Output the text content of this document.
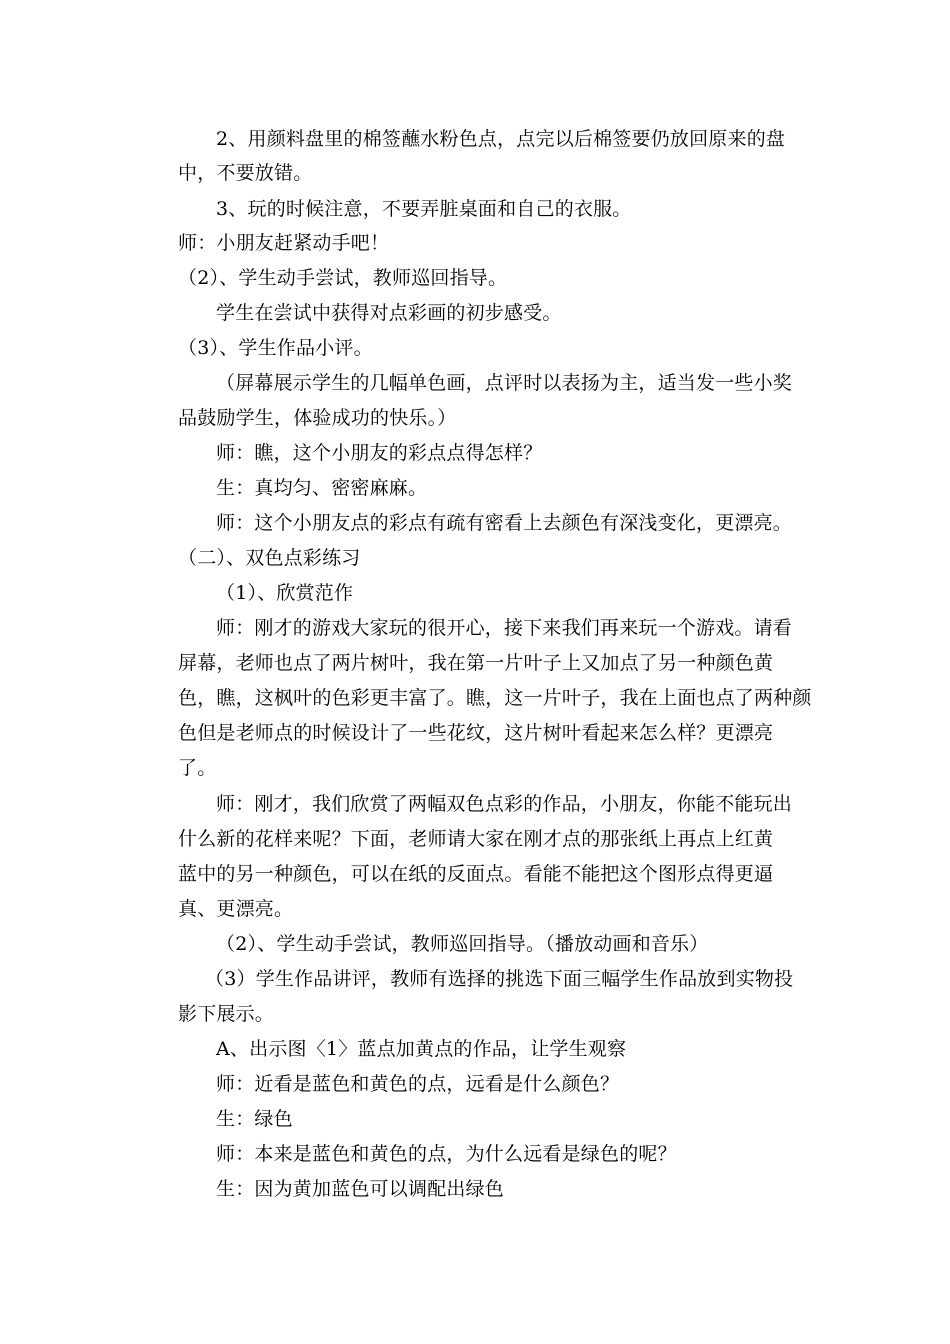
2、用颜料盘里的棉签蘸水粉色点，点完以后棉签要仍放回原来的盘
中，不要放错。
3、玩的时候注意，不要弄脏桌面和自己的衣服。
师：小朋友赶紧动手吧！
（2）、学生动手尝试，教师巡回指导。
学生在尝试中获得对点彩画的初步感受。
（3）、学生作品小评。
（屏幕展示学生的几幅单色画，点评时以表扬为主，适当发一些小奖
品鼓励学生，体验成功的快乐。）
师：瞧，这个小朋友的彩点点得怎样？
生：真均匀、密密麻麻。
师：这个小朋友点的彩点有疏有密看上去颜色有深浅变化，更漂亮。
（二）、双色点彩练习
（1）、欣赏范作
师：刚才的游戏大家玩的很开心，接下来我们再来玩一个游戏。请看
屏幕，老师也点了两片树叶，我在第一片叶子上又加点了另一种颜色黄
色，瞧，这枫叶的色彩更丰富了。瞧，这一片叶子，我在上面也点了两种颜
色但是老师点的时候设计了一些花纹，这片树叶看起来怎么样？更漂亮
了。
师：刚才，我们欣赏了两幅双色点彩的作品，小朋友，你能不能玩出
什么新的花样来呢？下面，老师请大家在刚才点的那张纸上再点上红黄
蓝中的另一种颜色，可以在纸的反面点。看能不能把这个图形点得更逼
真、更漂亮。
（2）、学生动手尝试，教师巡回指导。（播放动画和音乐）
（3）学生作品讲评，教师有选择的挑选下面三幅学生作品放到实物投
影下展示。
A、出示图〈1〉蓝点加黄点的作品，让学生观察
师：近看是蓝色和黄色的点，远看是什么颜色？
生：绿色
师：本来是蓝色和黄色的点，为什么远看是绿色的呢？
生：因为黄加蓝色可以调配出绿色
